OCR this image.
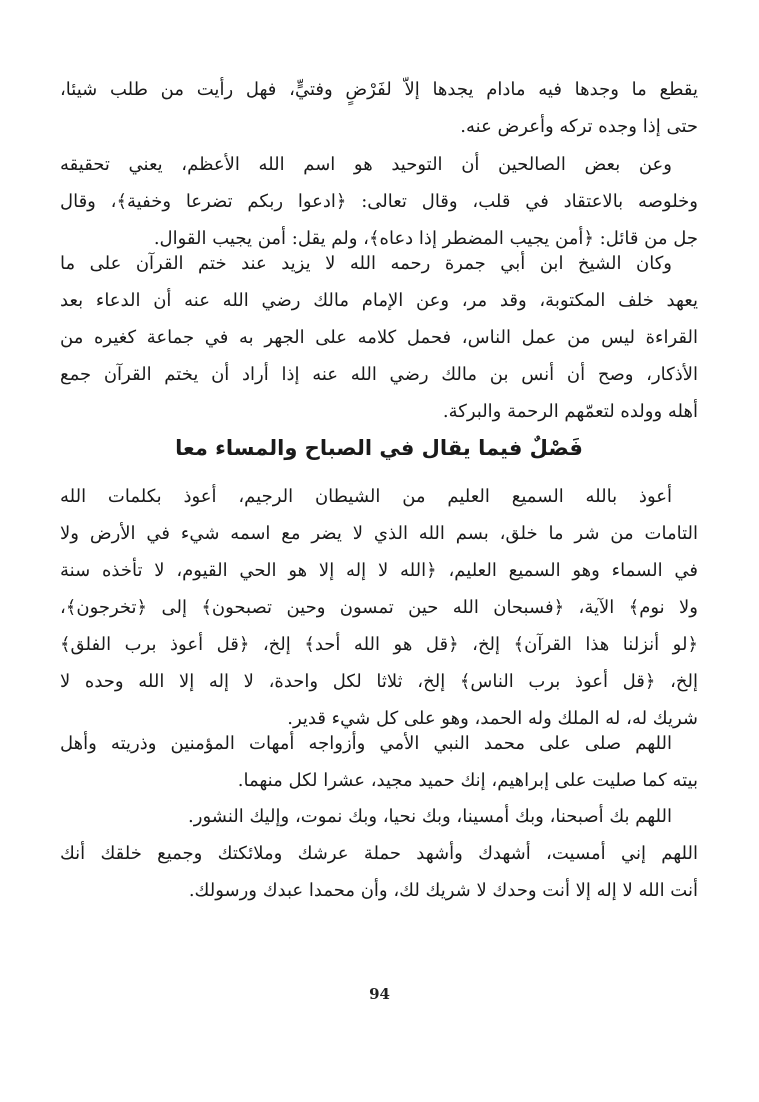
يقطع ما وجدها فيه مادام يجدها إلاّ لفَرْضٍ وفتيٍّ، فهل رأيت من طلب شيئا،
حتى إذا وجده تركه وأعرض عنه.
وعن بعض الصالحين أن التوحيد هو اسم الله الأعظم، يعني تحقيقه
وخلوصه بالاعتقاد في قلب، وقال تعالى: ﴿ادعوا ربكم تضرعا وخفية﴾، وقال
جل من قائل: ﴿أمن يجيب المضطر إذا دعاه﴾، ولم يقل: أمن يجيب القوال.
وكان الشيخ ابن أبي جمرة رحمه الله لا يزيد عند ختم القرآن على ما
يعهد خلف المكتوبة، وقد مر، وعن الإمام مالك رضي الله عنه أن الدعاء بعد
القراءة ليس من عمل الناس، فحمل كلامه على الجهر به في جماعة كغيره من
الأذكار، وصح أن أنس بن مالك رضي الله عنه إذا أراد أن يختم القرآن جمع
أهله وولده لتعمّهم الرحمة والبركة.
فَصْلٌ فيما يقال في الصباح والمساء معا
أعوذ بالله السميع العليم من الشيطان الرجيم، أعوذ بكلمات الله
التامات من شر ما خلق، بسم الله الذي لا يضر مع اسمه شيء في الأرض ولا
في السماء وهو السميع العليم، ﴿الله لا إله إلا هو الحي القيوم، لا تأخذه سنة
ولا نوم﴾ الآية، ﴿فسبحان الله حين تمسون وحين تصبحون﴾ إلى ﴿تخرجون﴾،
﴿لو أنزلنا هذا القرآن﴾ إلخ، ﴿قل هو الله أحد﴾ إلخ، ﴿قل أعوذ برب الفلق﴾
إلخ، ﴿قل أعوذ برب الناس﴾ إلخ، ثلاثا لكل واحدة، لا إله إلا الله وحده لا
شريك له، له الملك وله الحمد، وهو على كل شيء قدير.
اللهم صلى على محمد النبي الأمي وأزواجه أمهات المؤمنين وذريته وأهل
بيته كما صليت على إبراهيم، إنك حميد مجيد، عشرا لكل منهما.
اللهم بك أصبحنا، وبك أمسينا، وبك نحيا، وبك نموت، وإليك النشور.
اللهم إني أمسيت، أشهدك وأشهد حملة عرشك وملائكتك وجميع خلقك أنك
أنت الله لا إله إلا أنت وحدك لا شريك لك، وأن محمدا عبدك ورسولك.
94
